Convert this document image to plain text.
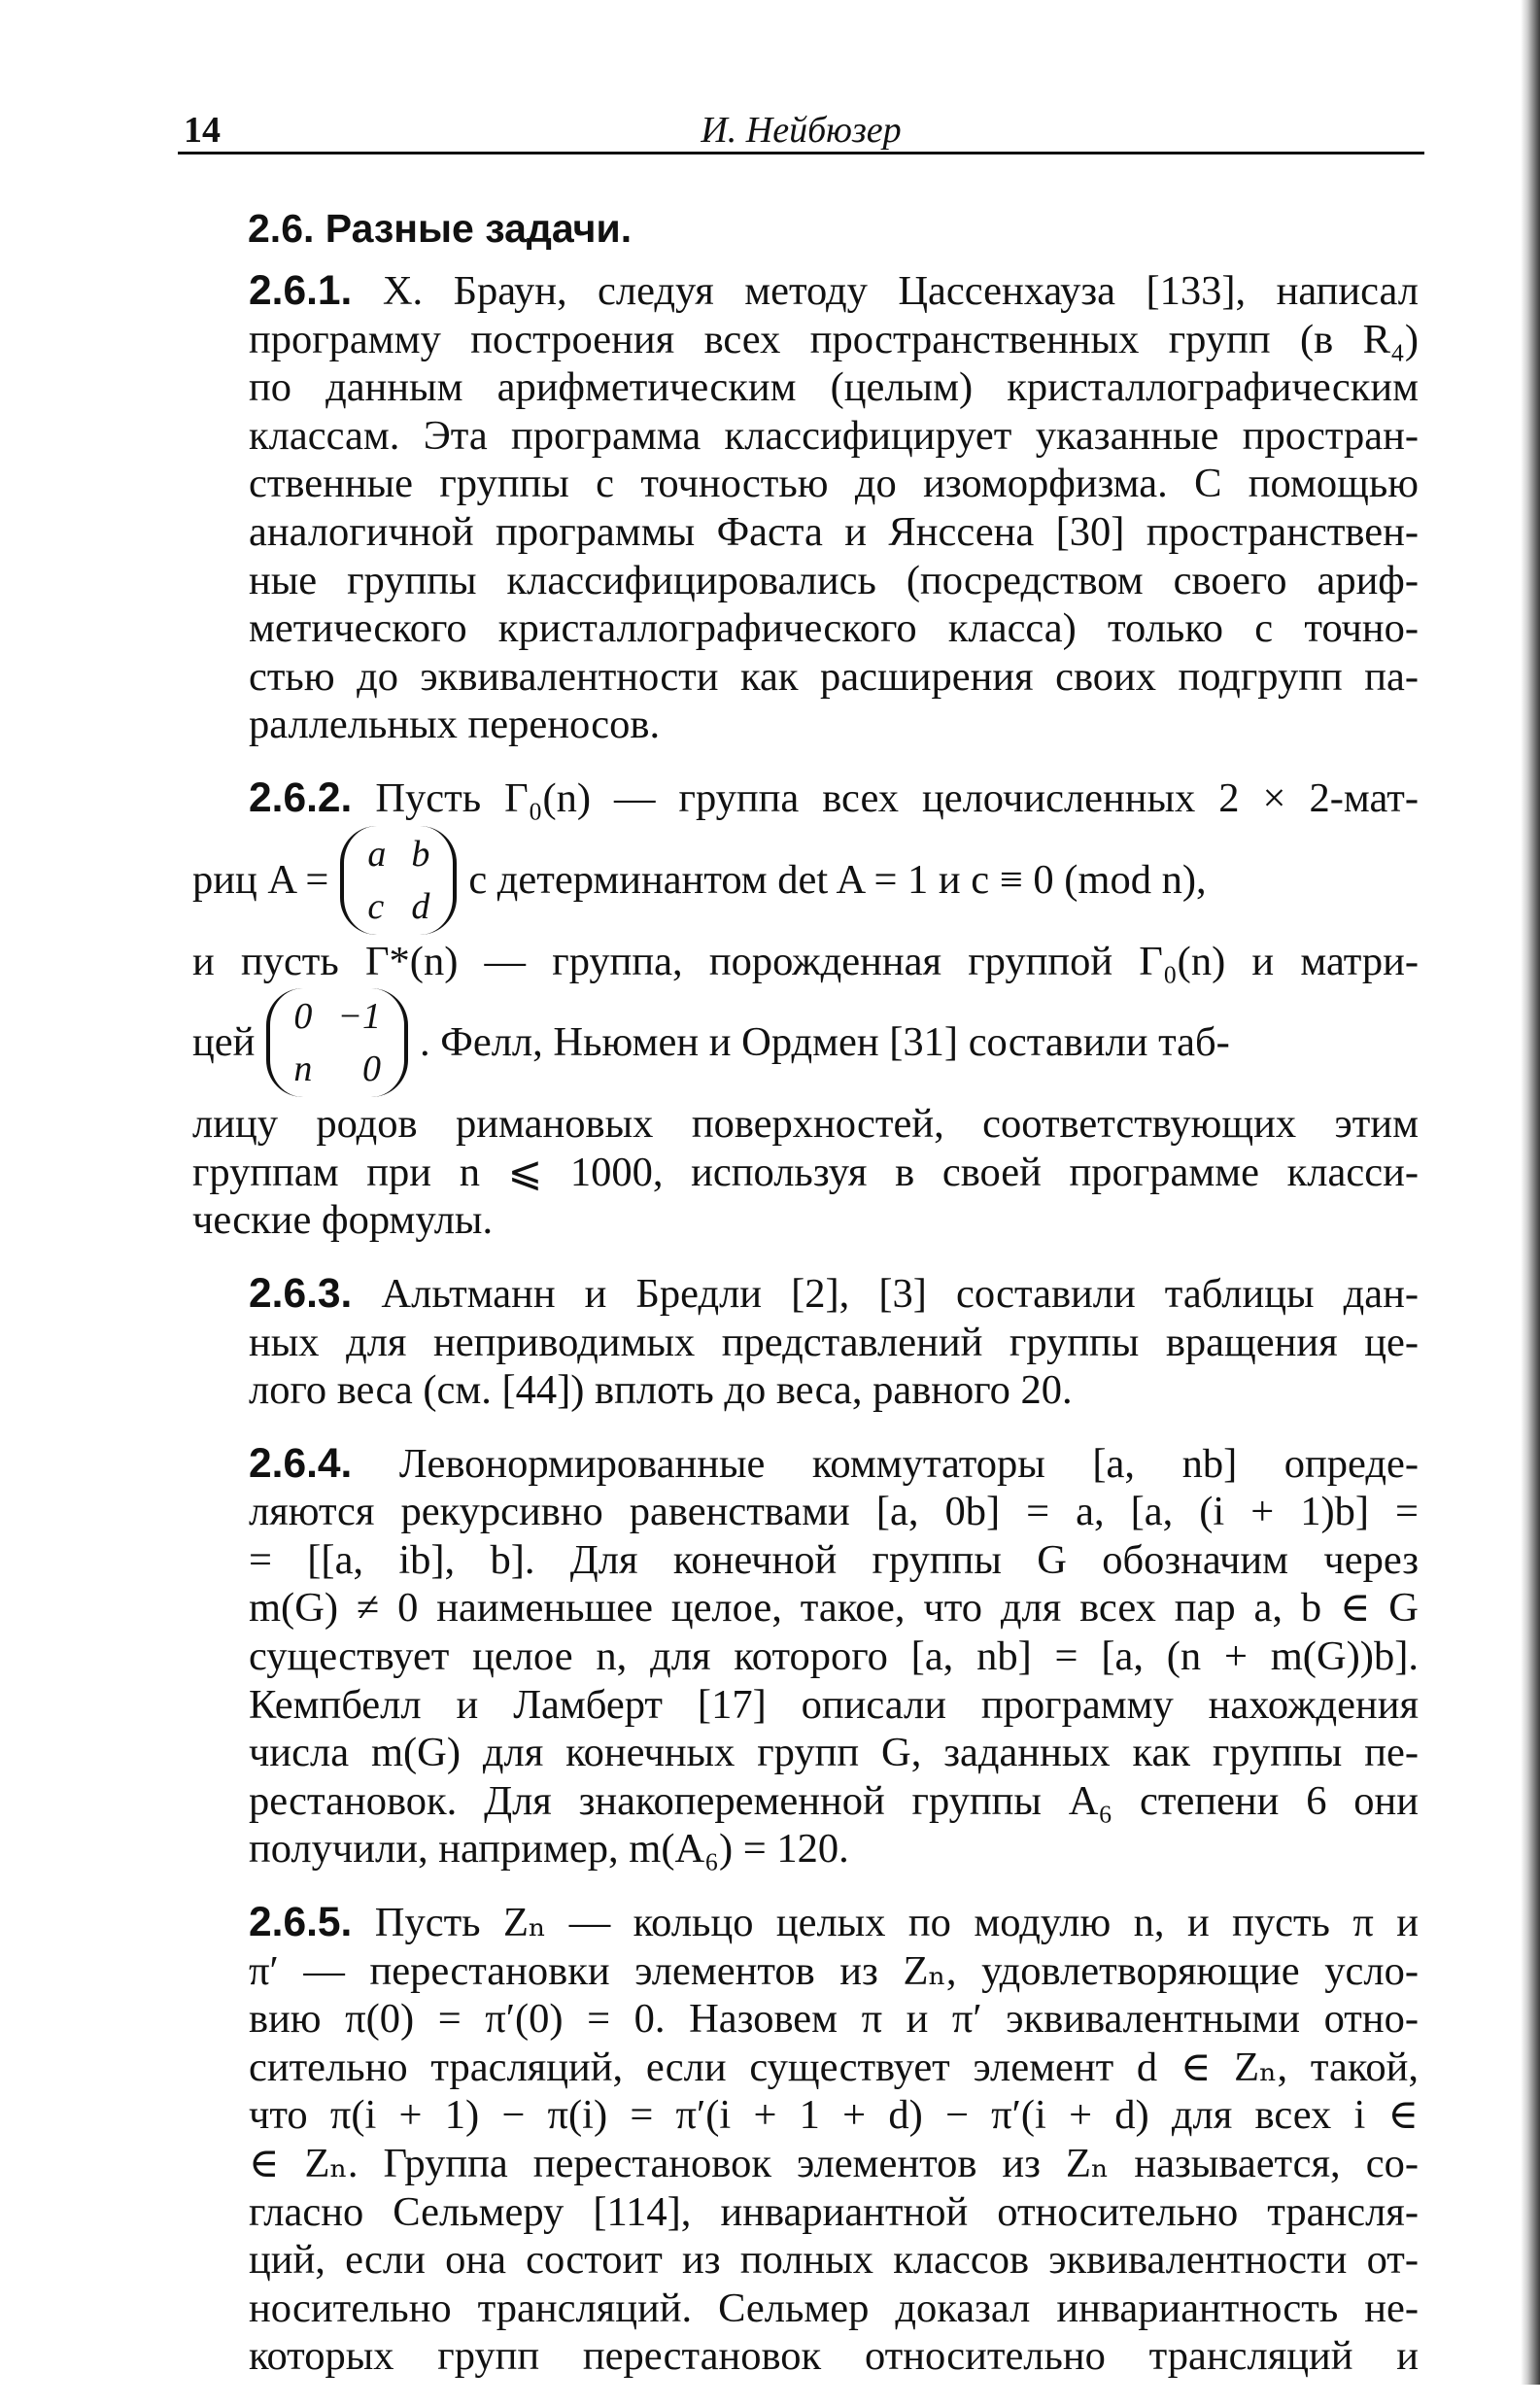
14	И. Нейбюзер
2.6. Разные задачи.
2.6.1. Х. Браун, следуя методу Цассенхауза [133], написал
программу построения всех пространственных групп (в R₄)
по данным арифметическим (целым) кристаллографическим
классам. Эта программа классифицирует указанные простран-
ственные группы с точностью до изоморфизма. С помощью
аналогичной программы Фаста и Янссена [30] пространствен-
ные группы классифицировались (посредством своего ариф-
метического кристаллографического класса) только с точно-
стью до эквивалентности как расширения своих подгрупп па-
раллельных переносов.
2.6.2. Пусть Γ₀(n) — группа всех целочисленных 2 × 2-мат-
риц A =
a b
c d
с детерминантом det A = 1 и c ≡ 0 (mod n),
и пусть Γ*(n) — группа, порожденная группой Γ₀(n) и матри-
цей
0 −1
n 0
. Фелл, Ньюмен и Ордмен [31] составили таб-
лицу родов римановых поверхностей, соответствующих этим
группам при n ⩽ 1000, используя в своей программе класси-
ческие формулы.
2.6.3. Альтманн и Бредли [2], [3] составили таблицы дан-
ных для неприводимых представлений группы вращения це-
лого веса (см. [44]) вплоть до веса, равного 20.
2.6.4. Левонормированные коммутаторы [a, nb] опреде-
ляются рекурсивно равенствами [a, 0b] = a, [a, (i + 1)b] =
= [[a, ib], b]. Для конечной группы G обозначим через
m(G) ≠ 0 наименьшее целое, такое, что для всех пар a, b ∈ G
существует целое n, для которого [a, nb] = [a, (n + m(G))b].
Кемпбелл и Ламберт [17] описали программу нахождения
числа m(G) для конечных групп G, заданных как группы пе-
рестановок. Для знакопеременной группы A₆ степени 6 они
получили, например, m(A₆) = 120.
2.6.5. Пусть Zₙ — кольцо целых по модулю n, и пусть π и
π′ — перестановки элементов из Zₙ, удовлетворяющие усло-
вию π(0) = π′(0) = 0. Назовем π и π′ эквивалентными отно-
сительно трасляций, если существует элемент d ∈ Zₙ, такой,
что π(i + 1) − π(i) = π′(i + 1 + d) − π′(i + d) для всех i ∈
∈ Zₙ. Группа перестановок элементов из Zₙ называется, со-
гласно Сельмеру [114], инвариантной относительно трансля-
ций, если она состоит из полных классов эквивалентности от-
носительно трансляций. Сельмер доказал инвариантность не-
которых групп перестановок относительно трансляций и
